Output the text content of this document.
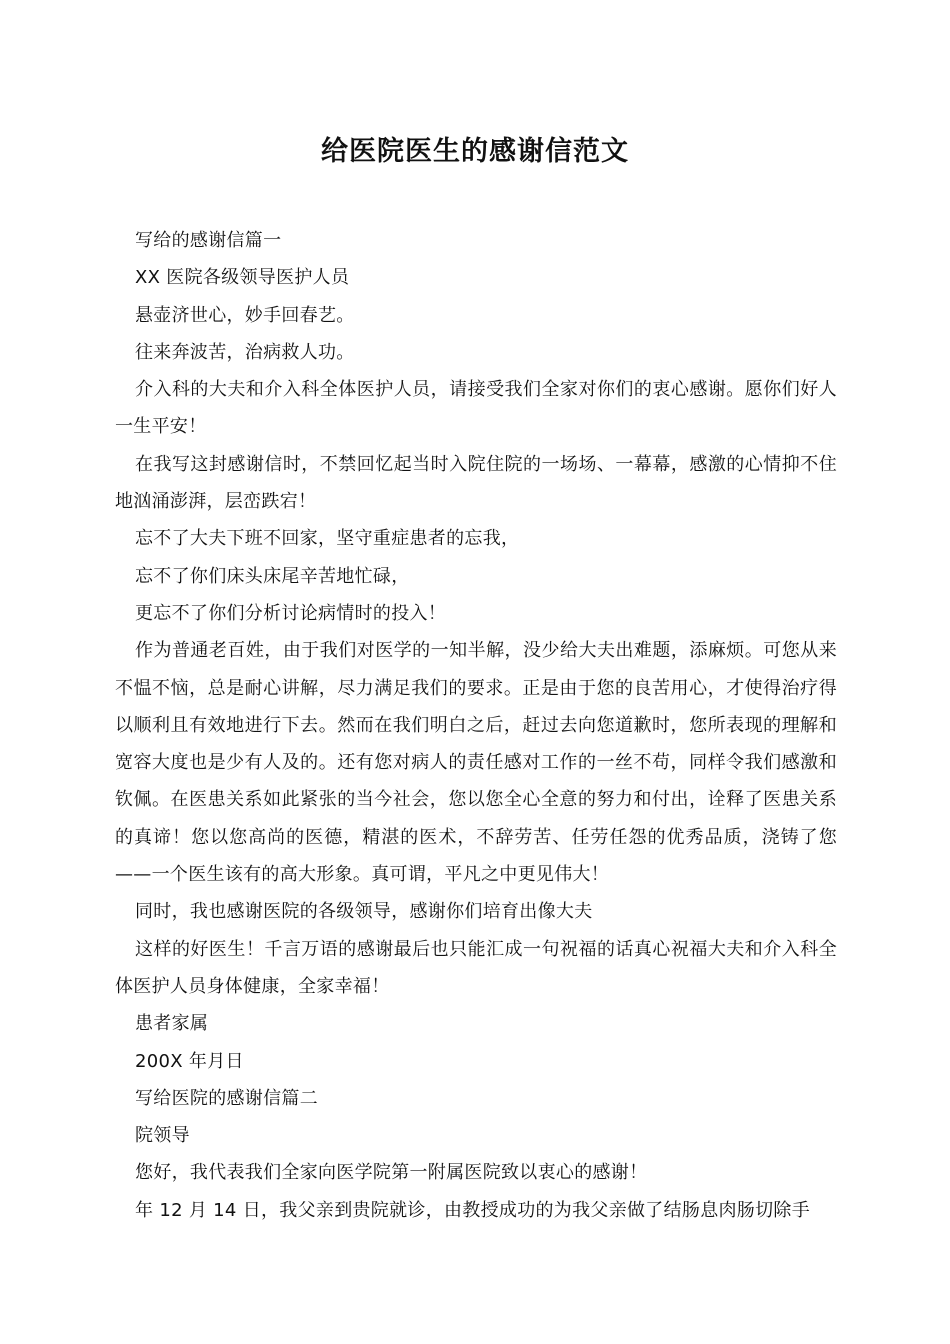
给医院医生的感谢信范文

写给的感谢信篇一

XX 医院各级领导医护人员

悬壶济世心，妙手回春艺。

往来奔波苦，治病救人功。

介入科的大夫和介入科全体医护人员，请接受我们全家对你们的衷心感谢。愿你们好人一生平安！

在我写这封感谢信时，不禁回忆起当时入院住院的一场场、一幕幕，感激的心情抑不住地汹涌澎湃，层峦跌宕！

忘不了大夫下班不回家，坚守重症患者的忘我，

忘不了你们床头床尾辛苦地忙碌，

更忘不了你们分析讨论病情时的投入！

作为普通老百姓，由于我们对医学的一知半解，没少给大夫出难题，添麻烦。可您从来不愠不恼，总是耐心讲解，尽力满足我们的要求。正是由于您的良苦用心，才使得治疗得以顺利且有效地进行下去。然而在我们明白之后，赶过去向您道歉时，您所表现的理解和宽容大度也是少有人及的。还有您对病人的责任感对工作的一丝不苟，同样令我们感激和钦佩。在医患关系如此紧张的当今社会，您以您全心全意的努力和付出，诠释了医患关系的真谛！您以您高尚的医德，精湛的医术，不辞劳苦、任劳任怨的优秀品质，浇铸了您——一个医生该有的高大形象。真可谓，平凡之中更见伟大！

同时，我也感谢医院的各级领导，感谢你们培育出像大夫

这样的好医生！千言万语的感谢最后也只能汇成一句祝福的话真心祝福大夫和介入科全体医护人员身体健康，全家幸福！

患者家属

200X 年月日

写给医院的感谢信篇二

院领导

您好，我代表我们全家向医学院第一附属医院致以衷心的感谢！

年 12 月 14 日，我父亲到贵院就诊，由教授成功的为我父亲做了结肠息肉肠切除手
